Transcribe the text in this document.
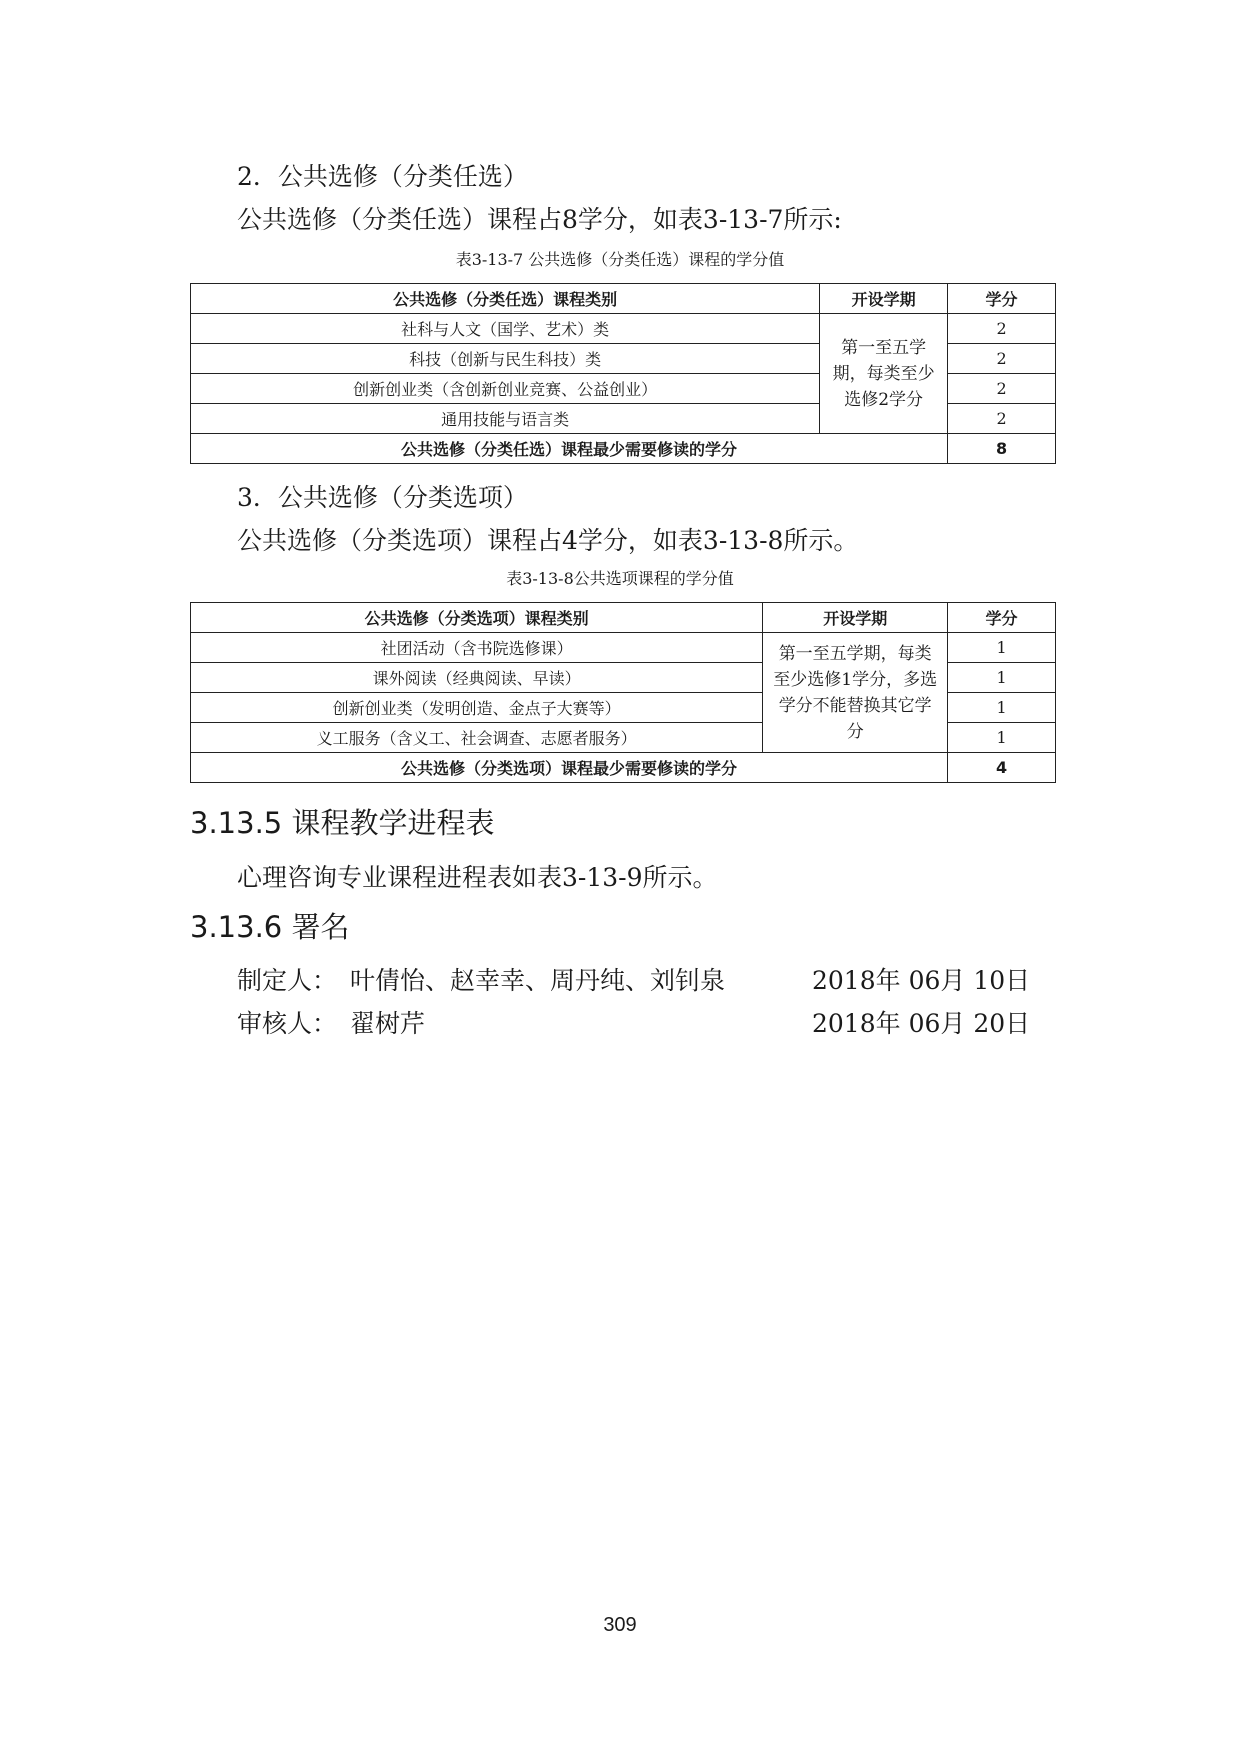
2．公共选修（分类任选）
公共选修（分类任选）课程占8学分，如表3-13-7所示:
表3-13-7 公共选修（分类任选）课程的学分值
公共选修（分类任选）课程类别	开设学期	学分
社科与人文（国学、艺术）类	第一至五学期，每类至少选修2学分	2
科技（创新与民生科技）类		2
创新创业类（含创新创业竞赛、公益创业）		2
通用技能与语言类		2
公共选修（分类任选）课程最少需要修读的学分		8
3．公共选修（分类选项）
公共选修（分类选项）课程占4学分，如表3-13-8所示。
表3-13-8公共选项课程的学分值
公共选修（分类选项）课程类别	开设学期	学分
社团活动（含书院选修课）	第一至五学期，每类至少选修1学分，多选学分不能替换其它学分	1
课外阅读（经典阅读、早读）		1
创新创业类（发明创造、金点子大赛等）		1
义工服务（含义工、社会调查、志愿者服务）		1
公共选修（分类选项）课程最少需要修读的学分		4
3.13.5 课程教学进程表
心理咨询专业课程进程表如表3-13-9所示。
3.13.6 署名
制定人： 叶倩怡、赵幸幸、周丹纯、刘钊泉	2018年 06月 10日
审核人： 翟树芹	2018年 06月 20日
309
